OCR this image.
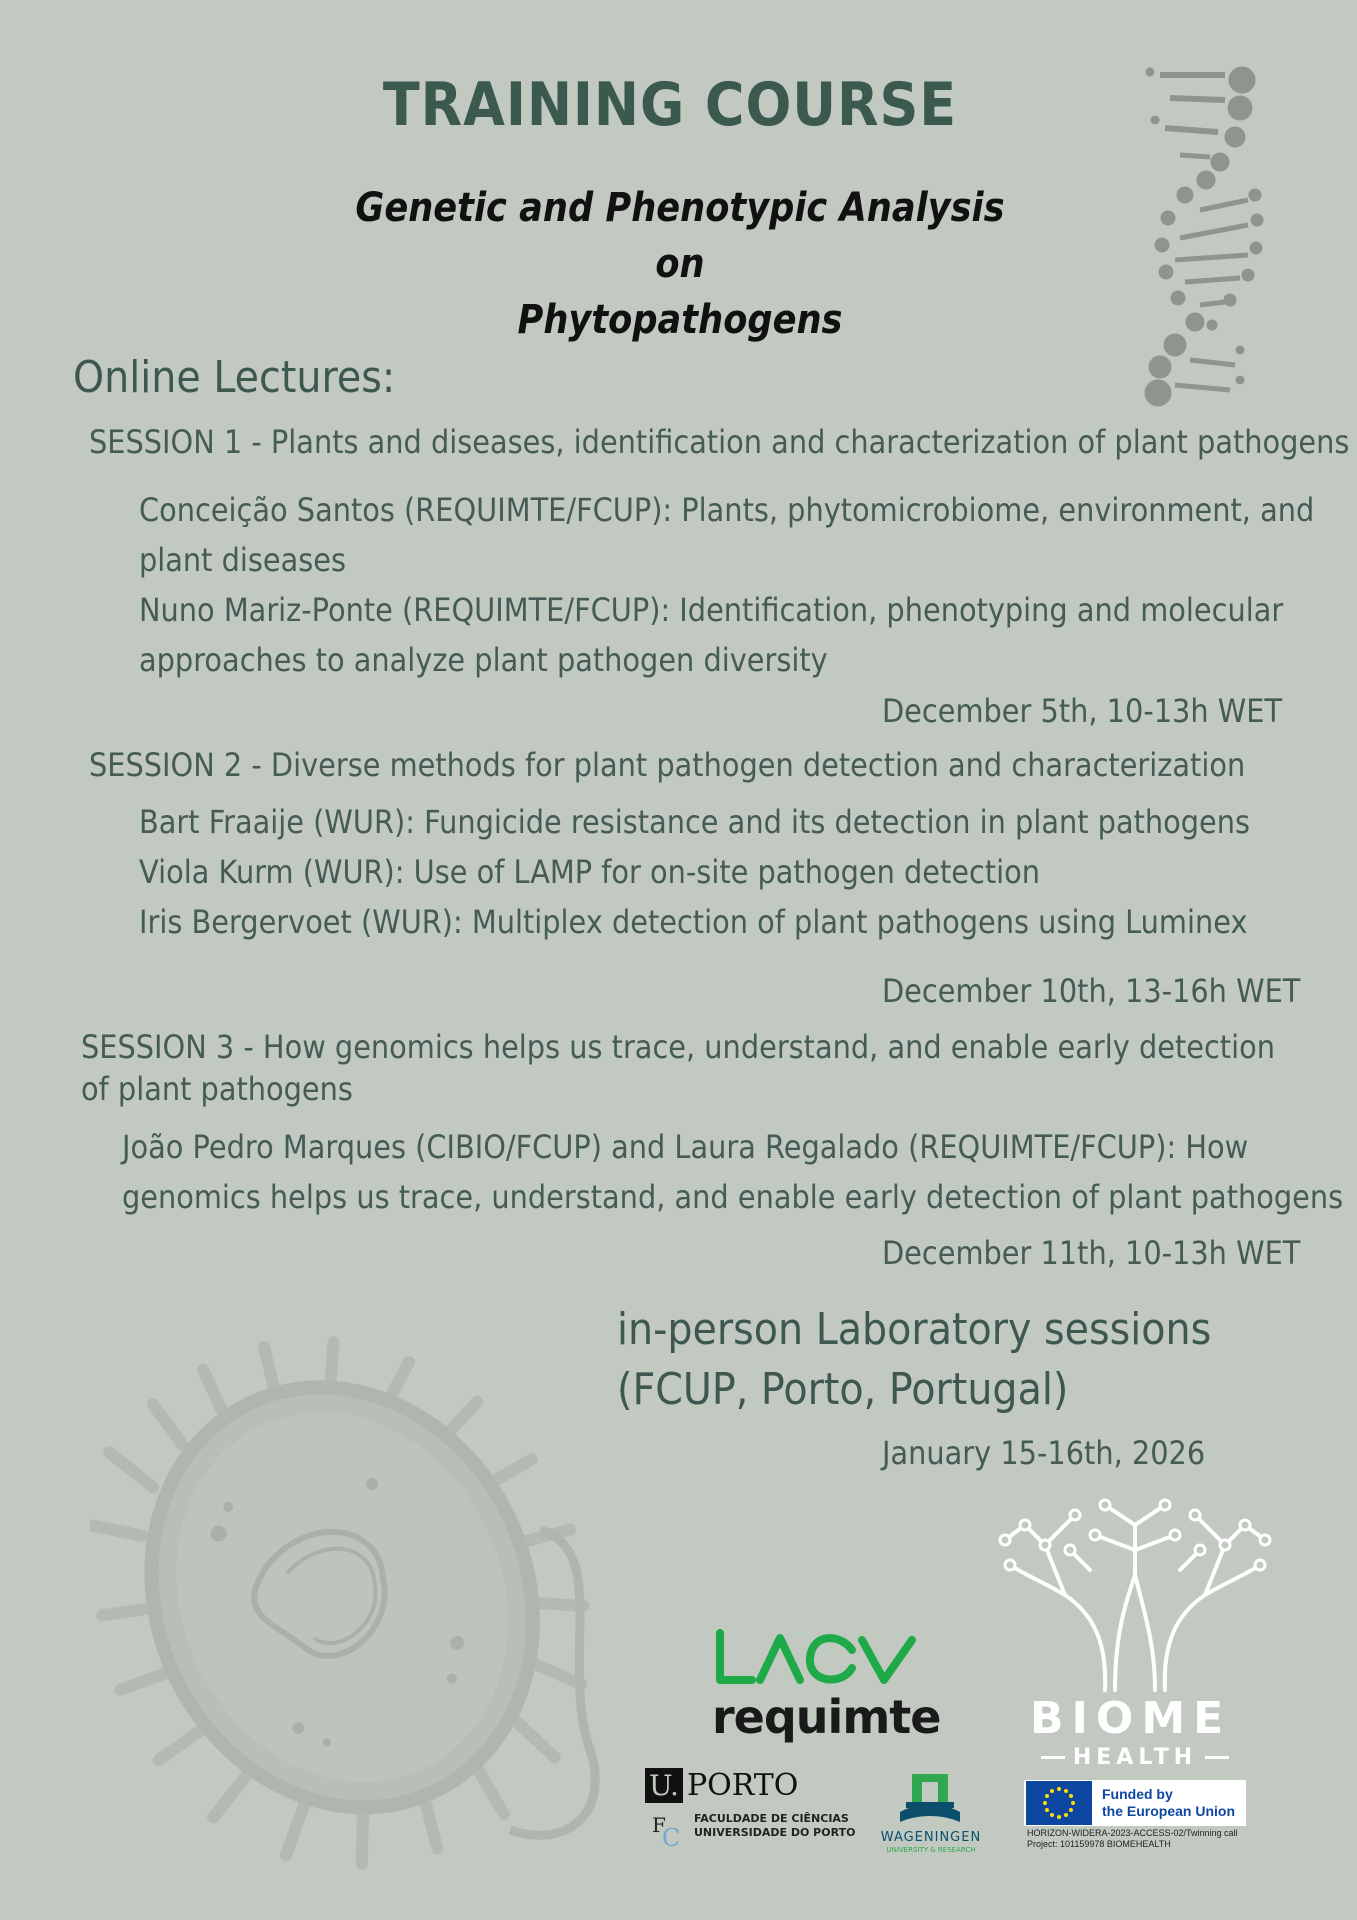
TRAINING COURSE
Genetic and Phenotypic Analysis on
Phytopathogens
Online Lectures:
SESSION 1 - Plants and diseases, identification and characterization of plant pathogens
Conceição Santos (REQUIMTE/FCUP): Plants, phytomicrobiome, environment, and
plant diseases
Nuno Mariz-Ponte (REQUIMTE/FCUP): Identification, phenotyping and molecular
approaches to analyze plant pathogen diversity
December 5th, 10-13h WET
SESSION 2 - Diverse methods for plant pathogen detection and characterization
Bart Fraaije (WUR): Fungicide resistance and its detection in plant pathogens
Viola Kurm (WUR): Use of LAMP for on-site pathogen detection
Iris Bergervoet (WUR): Multiplex detection of plant pathogens using Luminex
December 10th, 13-16h WET
SESSION 3 - How genomics helps us trace, understand, and enable early detection
of plant pathogens
João Pedro Marques (CIBIO/FCUP) and Laura Regalado (REQUIMTE/FCUP): How
genomics helps us trace, understand, and enable early detection of plant pathogens
December 11th, 10-13h WET
in-person Laboratory sessions
(FCUP, Porto, Portugal)
January 15-16th, 2026
BIOME
HEALTH
requimte
U. PORTO
F
C
FACULDADE DE CIÊNCIAS
UNIVERSIDADE DO PORTO	WAGENINGEN
UNIVERSITY & RESEARCH
Funded by
the European Union
HORIZON-WIDERA-2023-ACCESS-02/Twinning call
Project: 101159978 BIOMEHEALTH
